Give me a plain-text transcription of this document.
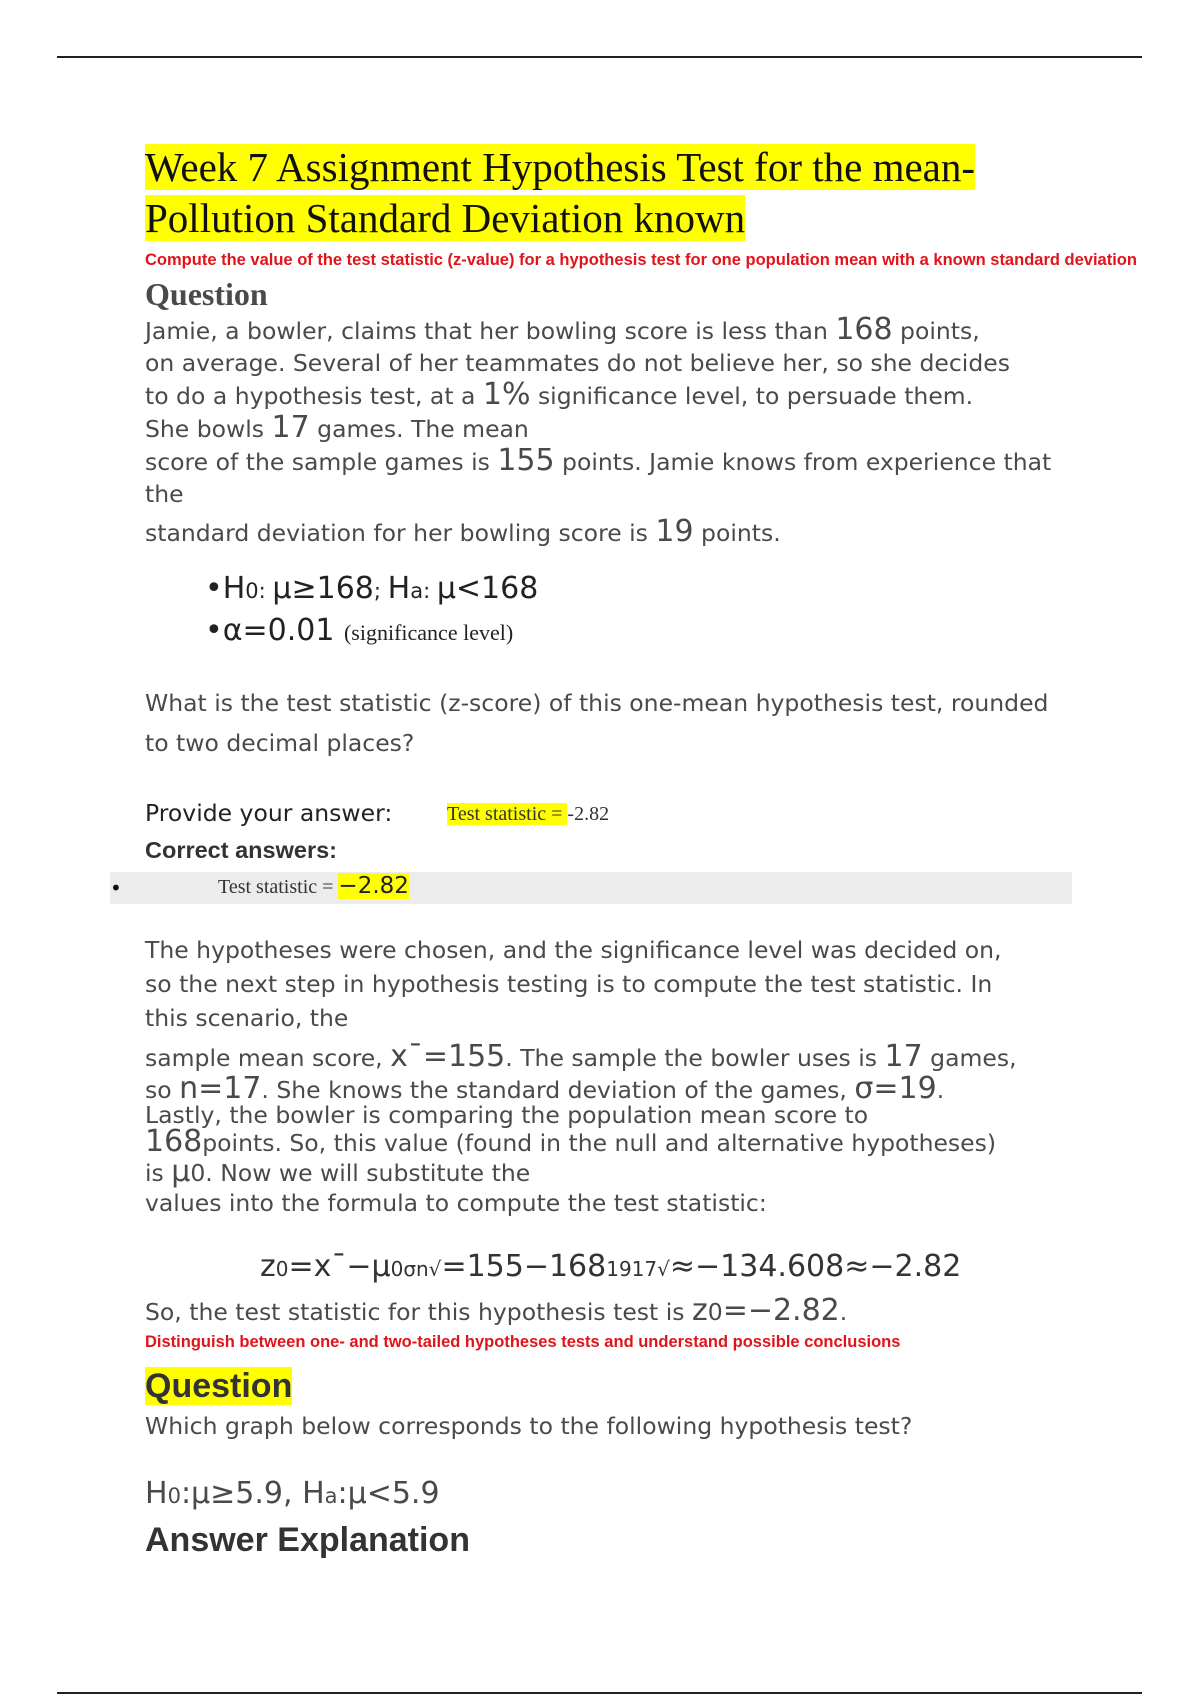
Week 7 Assignment Hypothesis Test for the mean-
Pollution Standard Deviation known

Compute the value of the test statistic (z-value) for a hypothesis test for one population mean with a known standard deviation

Question

Jamie, a bowler, claims that her bowling score is less than 168 points,

on average. Several of her teammates do not believe her, so she decides

to do a hypothesis test, at a 1% significance level, to persuade them.

She bowls 17 games. The mean

score of the sample games is 155 points. Jamie knows from experience that

the

standard deviation for her bowling score is 19 points.

•H0: μ≥168; Ha: μ<168
•α=0.01 (significance level)

What is the test statistic (z-score) of this one-mean hypothesis test, rounded

to two decimal places?

Provide your answer:	Test statistic = -2.82

Correct answers:

•	Test statistic = −2.82

The hypotheses were chosen, and the significance level was decided on,

so the next step in hypothesis testing is to compute the test statistic. In

this scenario, the

sample mean score, x¯=155. The sample the bowler uses is 17 games,

so n=17. She knows the standard deviation of the games, σ=19.

Lastly, the bowler is comparing the population mean score to

168points. So, this value (found in the null and alternative hypotheses)

is μ0. Now we will substitute the

values into the formula to compute the test statistic:

z0=x¯−μ0σn√=155−1681917√≈−134.608≈−2.82

So, the test statistic for this hypothesis test is z0=−2.82.

Distinguish between one- and two-tailed hypotheses tests and understand possible conclusions

Question

Which graph below corresponds to the following hypothesis test?

H0:μ≥5.9, Ha:μ<5.9

Answer Explanation
